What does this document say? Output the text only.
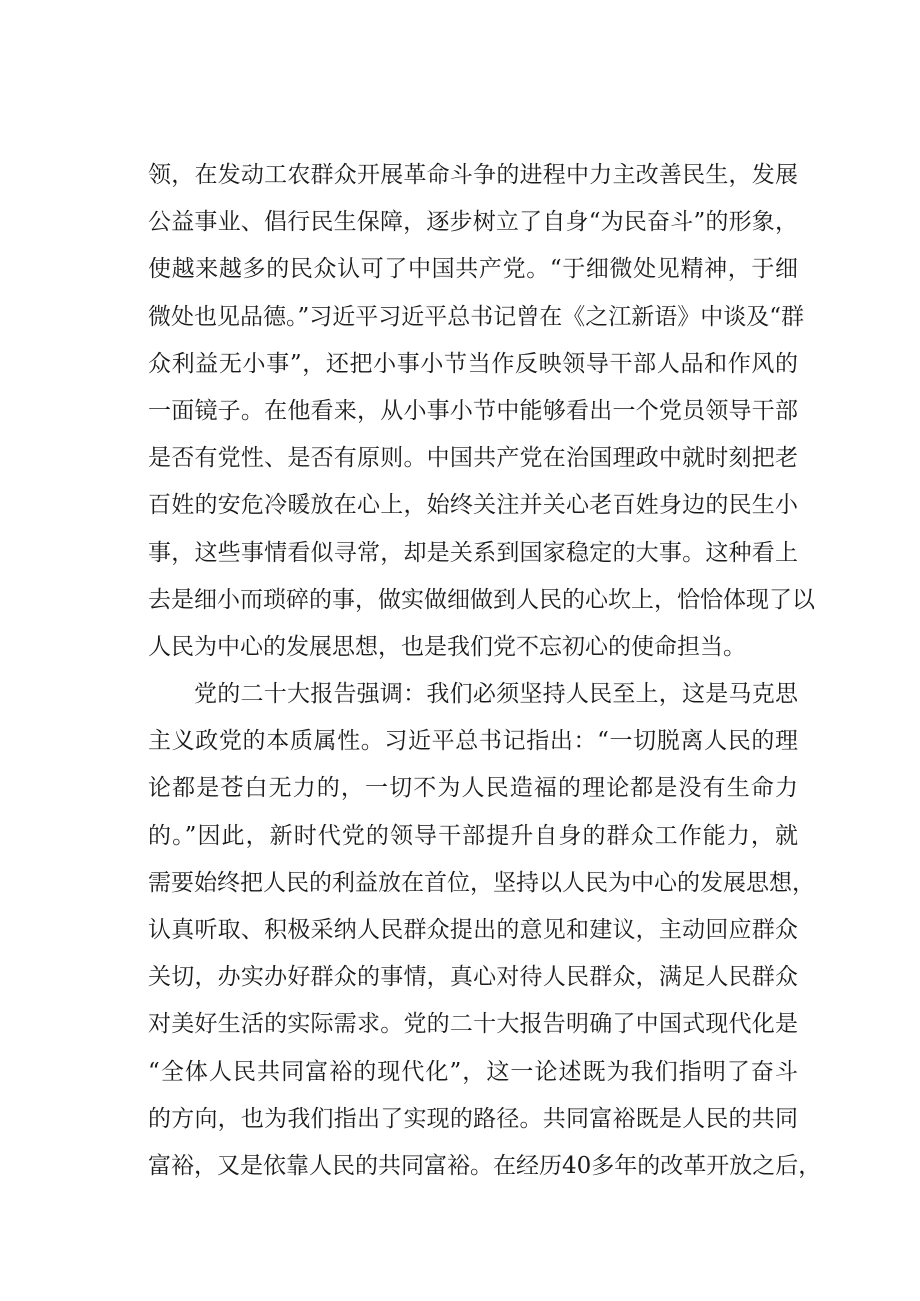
领，在发动工农群众开展革命斗争的进程中力主改善民生，发展
公益事业、倡行民生保障，逐步树立了自身“为民奋斗”的形象，
使越来越多的民众认可了中国共产党。“于细微处见精神，于细
微处也见品德。”习近平习近平总书记曾在《之江新语》中谈及“群
众利益无小事”，还把小事小节当作反映领导干部人品和作风的
一面镜子。在他看来，从小事小节中能够看出一个党员领导干部
是否有党性、是否有原则。中国共产党在治国理政中就时刻把老
百姓的安危冷暖放在心上，始终关注并关心老百姓身边的民生小
事，这些事情看似寻常，却是关系到国家稳定的大事。这种看上
去是细小而琐碎的事，做实做细做到人民的心坎上，恰恰体现了以
人民为中心的发展思想，也是我们党不忘初心的使命担当。
党的二十大报告强调：我们必须坚持人民至上，这是马克思
主义政党的本质属性。习近平总书记指出：“一切脱离人民的理
论都是苍白无力的，一切不为人民造福的理论都是没有生命力
的。”因此，新时代党的领导干部提升自身的群众工作能力，就
需要始终把人民的利益放在首位，坚持以人民为中心的发展思想，
认真听取、积极采纳人民群众提出的意见和建议，主动回应群众
关切，办实办好群众的事情，真心对待人民群众，满足人民群众
对美好生活的实际需求。党的二十大报告明确了中国式现代化是
“全体人民共同富裕的现代化”，这一论述既为我们指明了奋斗
的方向，也为我们指出了实现的路径。共同富裕既是人民的共同
富裕，又是依靠人民的共同富裕。在经历40多年的改革开放之后，
